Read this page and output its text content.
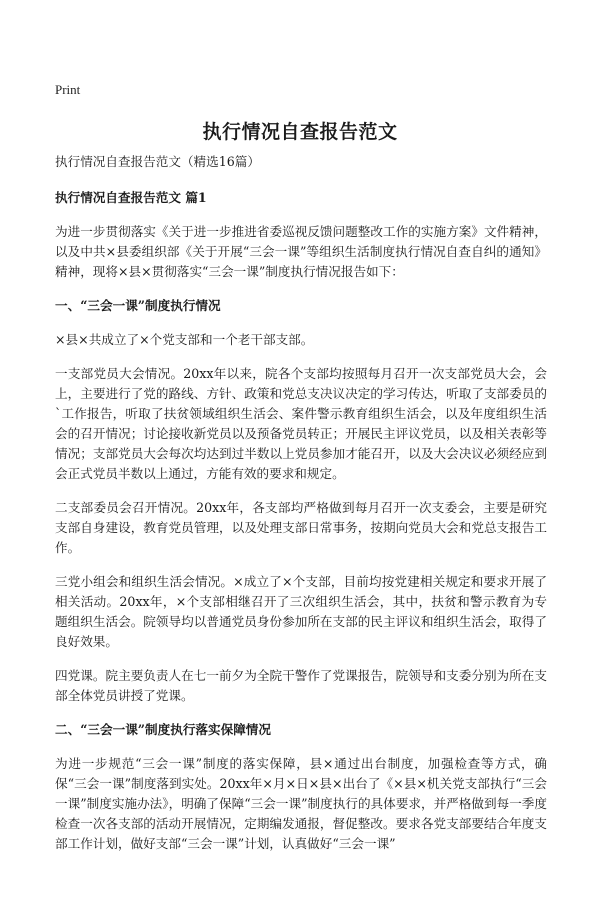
Print
执行情况自查报告范文
执行情况自查报告范文（精选16篇）
执行情况自查报告范文 篇1
为进一步贯彻落实《关于进一步推进省委巡视反馈问题整改工作的实施方案》文件精神，以及中共×县委组织部《关于开展“三会一课”等组织生活制度执行情况自查自纠的通知》精神，现将×县×贯彻落实“三会一课”制度执行情况报告如下：
一、“三会一课”制度执行情况
×县×共成立了×个党支部和一个老干部支部。
一支部党员大会情况。20xx年以来，院各个支部均按照每月召开一次支部党员大会，会上，主要进行了党的路线、方针、政策和党总支决议决定的学习传达，听取了支部委员的`工作报告，听取了扶贫领域组织生活会、案件警示教育组织生活会，以及年度组织生活会的召开情况；讨论接收新党员以及预备党员转正；开展民主评议党员，以及相关表彰等情况；支部党员大会每次均达到过半数以上党员参加才能召开，以及大会决议必须经应到会正式党员半数以上通过，方能有效的要求和规定。
二支部委员会召开情况。20xx年，各支部均严格做到每月召开一次支委会，主要是研究支部自身建设，教育党员管理，以及处理支部日常事务，按期向党员大会和党总支报告工作。
三党小组会和组织生活会情况。×成立了×个支部，目前均按党建相关规定和要求开展了相关活动。20xx年，×个支部相继召开了三次组织生活会，其中，扶贫和警示教育为专题组织生活会。院领导均以普通党员身份参加所在支部的民主评议和组织生活会，取得了良好效果。
四党课。院主要负责人在七一前夕为全院干警作了党课报告，院领导和支委分别为所在支部全体党员讲授了党课。
二、“三会一课”制度执行落实保障情况
为进一步规范“三会一课”制度的落实保障，县×通过出台制度，加强检查等方式，确保“三会一课”制度落到实处。20xx年×月×日×县×出台了《×县×机关党支部执行“三会一课”制度实施办法》，明确了保障“三会一课”制度执行的具体要求，并严格做到每一季度检查一次各支部的活动开展情况，定期编发通报，督促整改。要求各党支部要结合年度支部工作计划，做好支部“三会一课”计划，认真做好“三会一课”
